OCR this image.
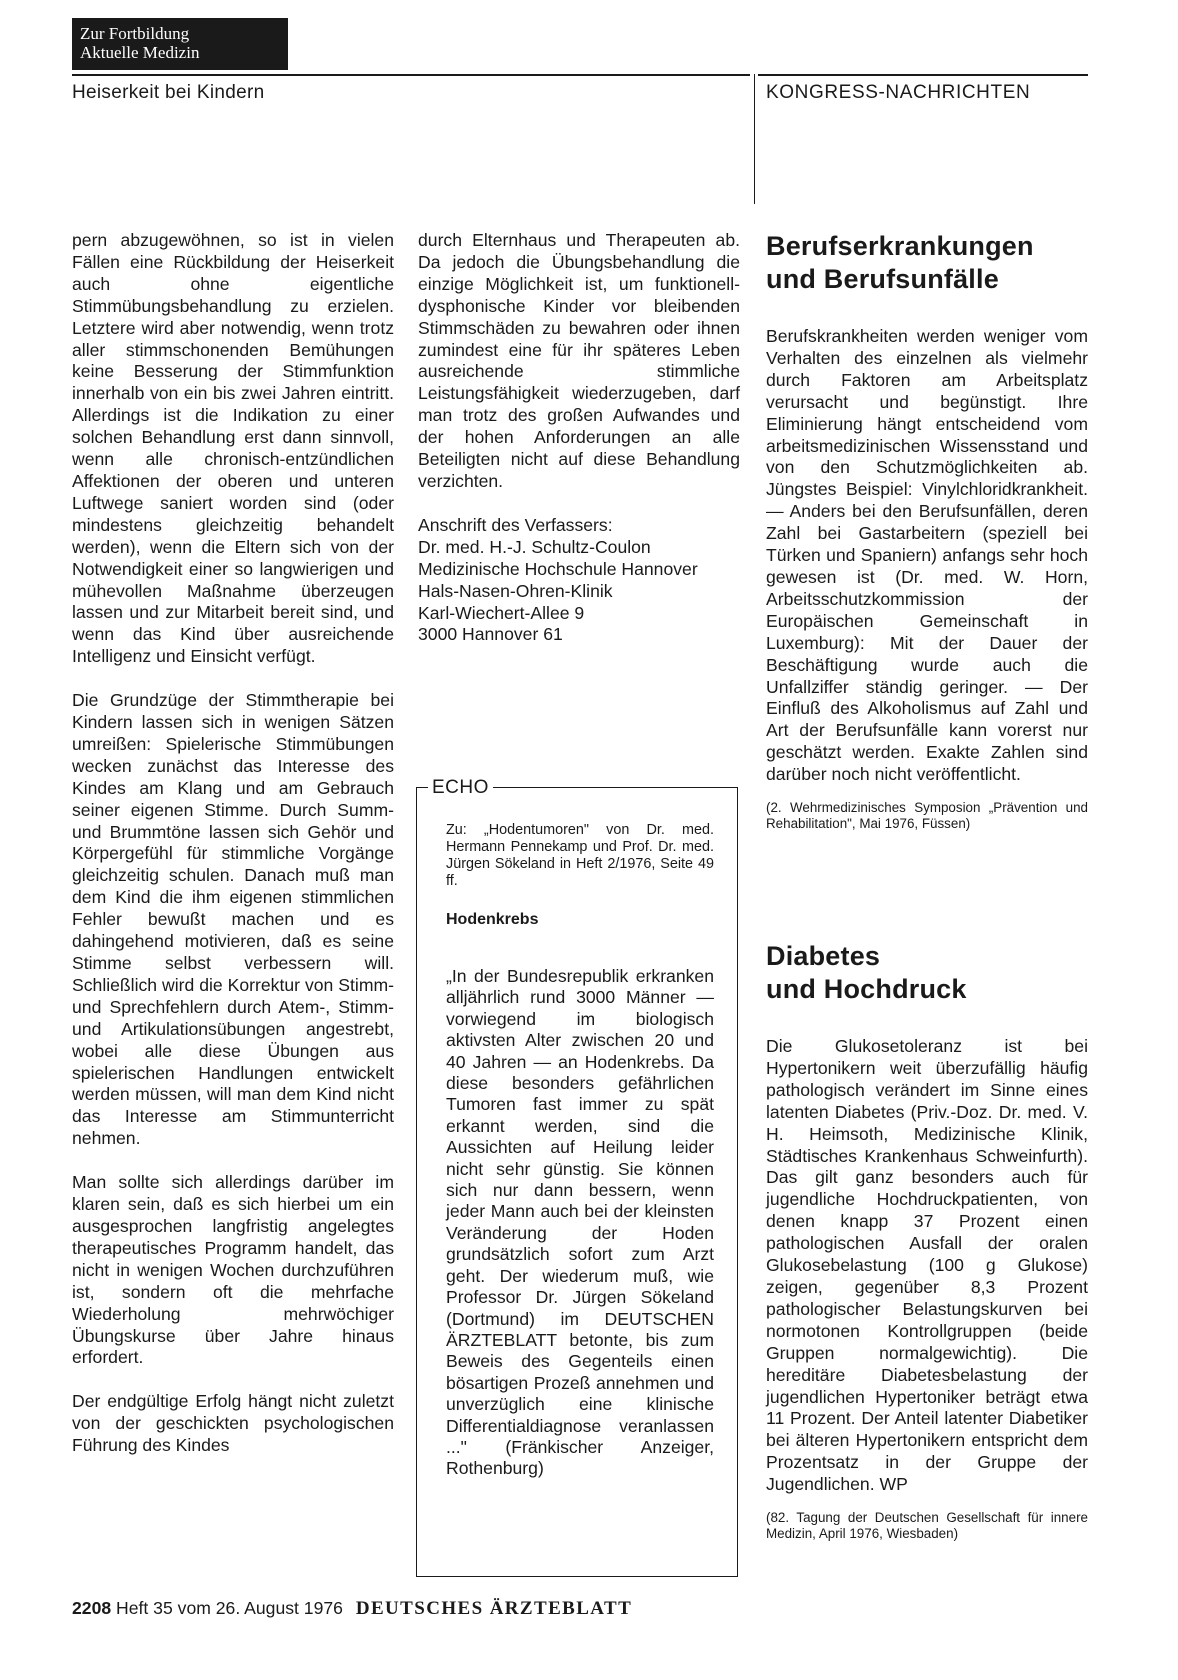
Zur Fortbildung
Aktuelle Medizin
Heiserkeit bei Kindern	KONGRESS-NACHRICHTEN

pern abzugewöhnen, so ist in vielen Fällen eine Rückbildung der Heiserkeit auch ohne eigentliche Stimmübungsbehandlung zu erzielen. Letztere wird aber notwendig, wenn trotz aller stimmschonenden Bemühungen keine Besserung der Stimmfunktion innerhalb von ein bis zwei Jahren eintritt. Allerdings ist die Indikation zu einer solchen Behandlung erst dann sinnvoll, wenn alle chronisch-entzündlichen Affektionen der oberen und unteren Luftwege saniert worden sind (oder mindestens gleichzeitig behandelt werden), wenn die Eltern sich von der Notwendigkeit einer so langwierigen und mühevollen Maßnahme überzeugen lassen und zur Mitarbeit bereit sind, und wenn das Kind über ausreichende Intelligenz und Einsicht verfügt.

Die Grundzüge der Stimmtherapie bei Kindern lassen sich in wenigen Sätzen umreißen: Spielerische Stimmübungen wecken zunächst das Interesse des Kindes am Klang und am Gebrauch seiner eigenen Stimme. Durch Summ- und Brummtöne lassen sich Gehör und Körpergefühl für stimmliche Vorgänge gleichzeitig schulen. Danach muß man dem Kind die ihm eigenen stimmlichen Fehler bewußt machen und es dahingehend motivieren, daß es seine Stimme selbst verbessern will. Schließlich wird die Korrektur von Stimm- und Sprechfehlern durch Atem-, Stimm- und Artikulationsübungen angestrebt, wobei alle diese Übungen aus spielerischen Handlungen entwickelt werden müssen, will man dem Kind nicht das Interesse am Stimmunterricht nehmen.

Man sollte sich allerdings darüber im klaren sein, daß es sich hierbei um ein ausgesprochen langfristig angelegtes therapeutisches Programm handelt, das nicht in wenigen Wochen durchzuführen ist, sondern oft die mehrfache Wiederholung mehrwöchiger Übungskurse über Jahre hinaus erfordert.

Der endgültige Erfolg hängt nicht zuletzt von der geschickten psychologischen Führung des Kindes

durch Elternhaus und Therapeuten ab. Da jedoch die Übungsbehandlung die einzige Möglichkeit ist, um funktionell-dysphonische Kinder vor bleibenden Stimmschäden zu bewahren oder ihnen zumindest eine für ihr späteres Leben ausreichende stimmliche Leistungsfähigkeit wiederzugeben, darf man trotz des großen Aufwandes und der hohen Anforderungen an alle Beteiligten nicht auf diese Behandlung verzichten.

Anschrift des Verfassers:
Dr. med. H.-J. Schultz-Coulon
Medizinische Hochschule Hannover
Hals-Nasen-Ohren-Klinik
Karl-Wiechert-Allee 9
3000 Hannover 61
ECHO
Zu: „Hodentumoren" von Dr. med. Hermann Pennekamp und Prof. Dr. med. Jürgen Sökeland in Heft 2/1976, Seite 49 ff.
Hodenkrebs
„In der Bundesrepublik erkranken alljährlich rund 3000 Männer — vorwiegend im biologisch aktivsten Alter zwischen 20 und 40 Jahren — an Hodenkrebs. Da diese besonders gefährlichen Tumoren fast immer zu spät erkannt werden, sind die Aussichten auf Heilung leider nicht sehr günstig. Sie können sich nur dann bessern, wenn jeder Mann auch bei der kleinsten Veränderung der Hoden grundsätzlich sofort zum Arzt geht. Der wiederum muß, wie Professor Dr. Jürgen Sökeland (Dortmund) im DEUTSCHEN ÄRZTEBLATT betonte, bis zum Beweis des Gegenteils einen bösartigen Prozeß annehmen und unverzüglich eine klinische Differentialdiagnose veranlassen ..." (Fränkischer Anzeiger, Rothenburg)
Berufserkrankungen
und Berufsunfälle
Berufskrankheiten werden weniger vom Verhalten des einzelnen als vielmehr durch Faktoren am Arbeitsplatz verursacht und begünstigt. Ihre Eliminierung hängt entscheidend vom arbeitsmedizinischen Wissensstand und von den Schutzmöglichkeiten ab. Jüngstes Beispiel: Vinylchloridkrankheit. — Anders bei den Berufsunfällen, deren Zahl bei Gastarbeitern (speziell bei Türken und Spaniern) anfangs sehr hoch gewesen ist (Dr. med. W. Horn, Arbeitsschutzkommission der Europäischen Gemeinschaft in Luxemburg): Mit der Dauer der Beschäftigung wurde auch die Unfallziffer ständig geringer. — Der Einfluß des Alkoholismus auf Zahl und Art der Berufsunfälle kann vorerst nur geschätzt werden. Exakte Zahlen sind darüber noch nicht veröffentlicht.
(2. Wehrmedizinisches Symposion „Prävention und Rehabilitation", Mai 1976, Füssen)
Diabetes
und Hochdruck
Die Glukosetoleranz ist bei Hypertonikern weit überzufällig häufig pathologisch verändert im Sinne eines latenten Diabetes (Priv.-Doz. Dr. med. V. H. Heimsoth, Medizinische Klinik, Städtisches Krankenhaus Schweinfurth). Das gilt ganz besonders auch für jugendliche Hochdruckpatienten, von denen knapp 37 Prozent einen pathologischen Ausfall der oralen Glukosebelastung (100 g Glukose) zeigen, gegenüber 8,3 Prozent pathologischer Belastungskurven bei normotonen Kontrollgruppen (beide Gruppen normalgewichtig). Die hereditäre Diabetesbelastung der jugendlichen Hypertoniker beträgt etwa 11 Prozent. Der Anteil latenter Diabetiker bei älteren Hypertonikern entspricht dem Prozentsatz in der Gruppe der Jugendlichen. WP
(82. Tagung der Deutschen Gesellschaft für innere Medizin, April 1976, Wiesbaden)
2208 Heft 35 vom 26. August 1976 DEUTSCHES ÄRZTEBLATT
